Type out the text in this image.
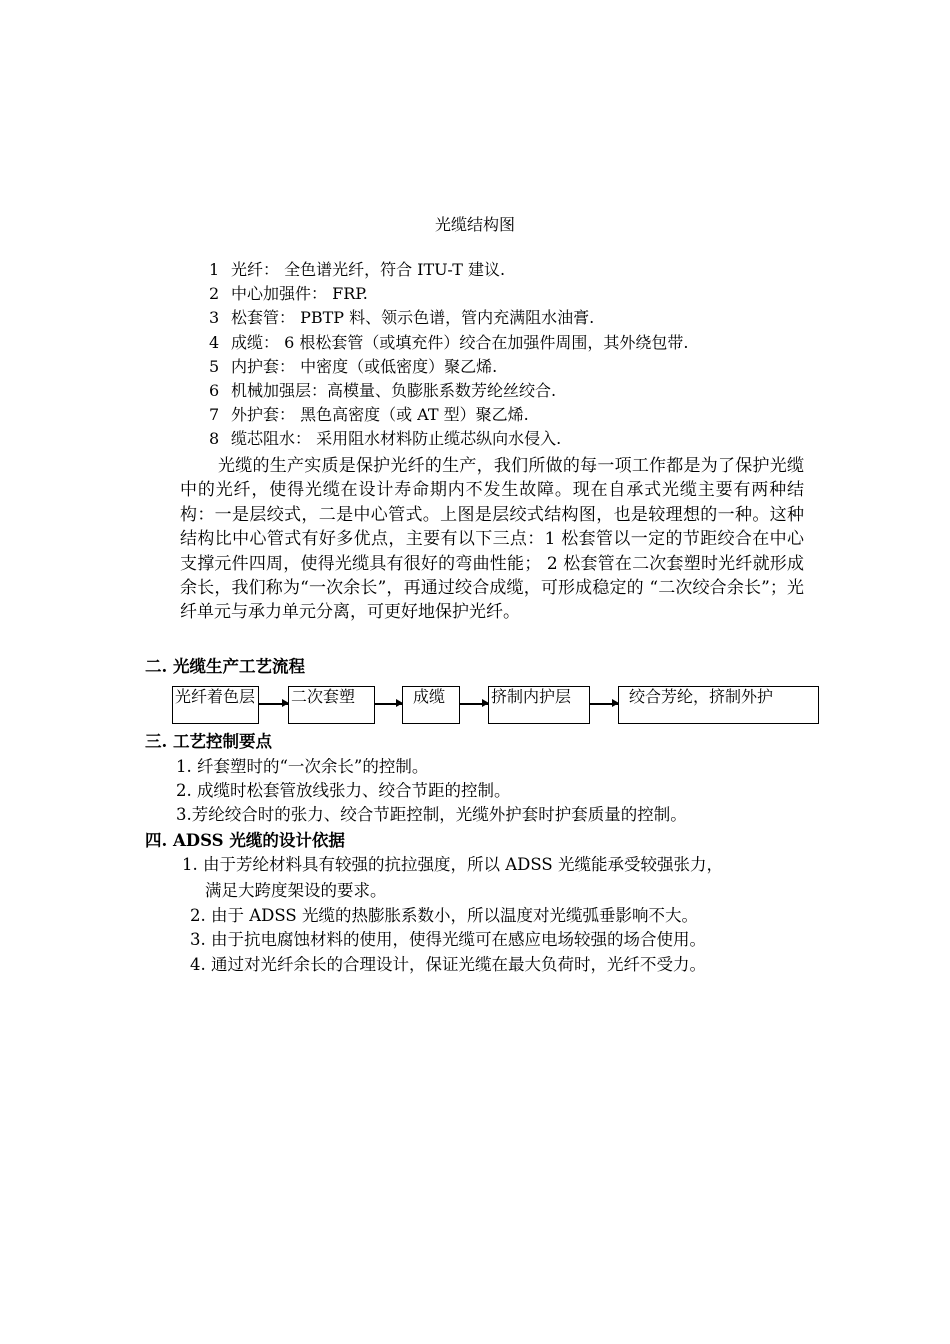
光缆结构图
1 光纤： 全色谱光纤，符合 ITU-T 建议.
2 中心加强件： FRP.
3 松套管： PBTP 料、领示色谱，管内充满阻水油膏.
4 成缆： 6 根松套管（或填充件）绞合在加强件周围，其外绕包带.
5 内护套： 中密度（或低密度）聚乙烯.
6 机械加强层：高模量、负膨胀系数芳纶丝绞合.
7 外护套： 黑色高密度（或 AT 型）聚乙烯.
8 缆芯阻水： 采用阻水材料防止缆芯纵向水侵入.
光缆的生产实质是保护光纤的生产，我们所做的每一项工作都是为了保护光缆中的光纤，使得光缆在设计寿命期内不发生故障。现在自承式光缆主要有两种结构：一是层绞式，二是中心管式。上图是层绞式结构图，也是较理想的一种。这种结构比中心管式有好多优点，主要有以下三点：1 松套管以一定的节距绞合在中心支撑元件四周，使得光缆具有很好的弯曲性能； 2 松套管在二次套塑时光纤就形成余长，我们称为“一次余长”，再通过绞合成缆，可形成稳定的 “二次绞合余长”；光纤单元与承力单元分离，可更好地保护光纤。
二. 光缆生产工艺流程
光纤着色层 二次套塑	成缆	挤制内护层	绞合芳纶，挤制外护
三. 工艺控制要点
1. 纤套塑时的“一次余长”的控制。
2. 成缆时松套管放线张力、绞合节距的控制。
3.芳纶绞合时的张力、绞合节距控制，光缆外护套时护套质量的控制。
四. ADSS 光缆的设计依据
1. 由于芳纶材料具有较强的抗拉强度，所以 ADSS 光缆能承受较强张力，
满足大跨度架设的要求。
2. 由于 ADSS 光缆的热膨胀系数小，所以温度对光缆弧垂影响不大。
3. 由于抗电腐蚀材料的使用，使得光缆可在感应电场较强的场合使用。
4. 通过对光纤余长的合理设计，保证光缆在最大负荷时，光纤不受力。
